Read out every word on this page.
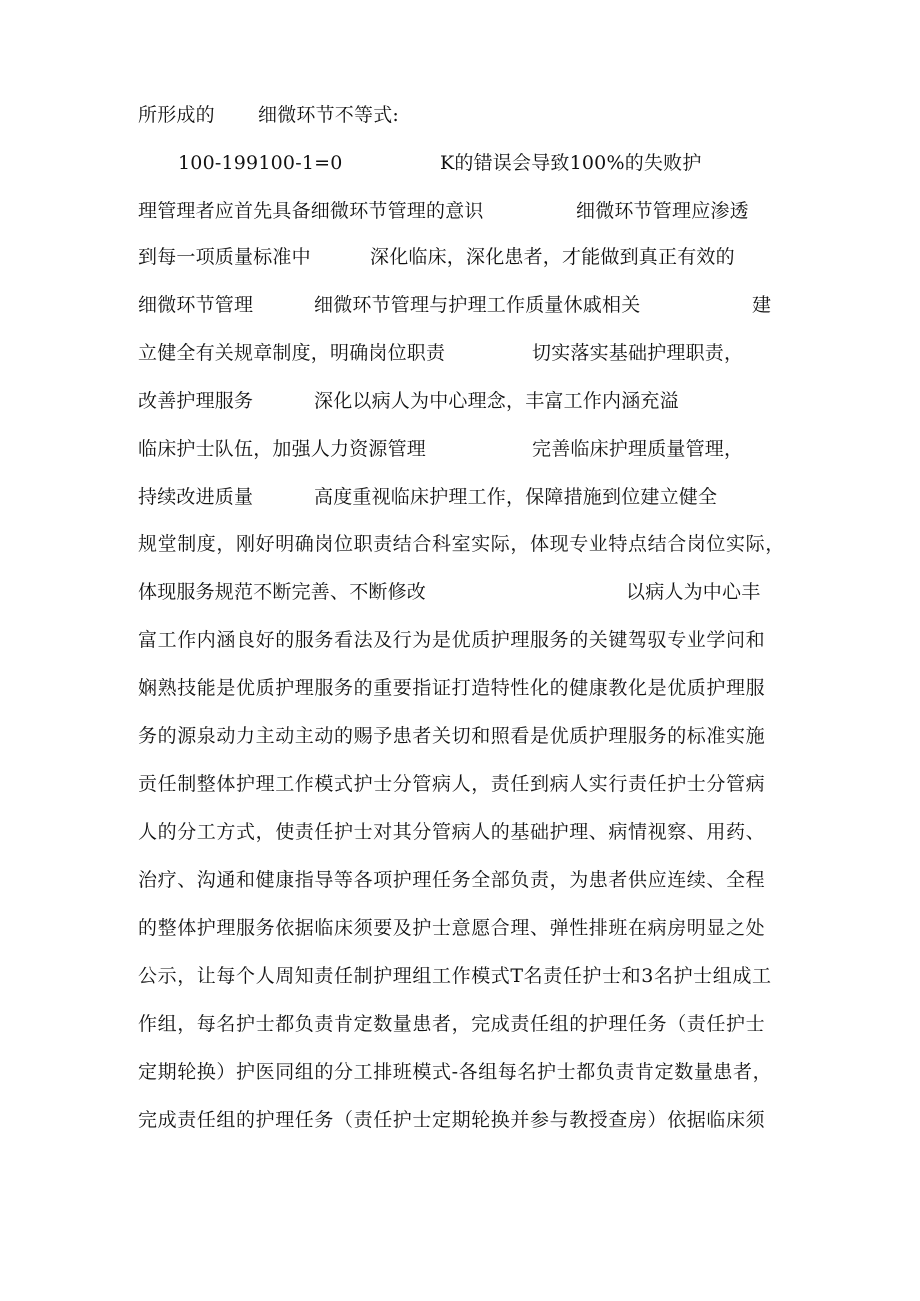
所形成的 细微环节不等式:
100-199100-1=0	K的错误会导致100%的失败护
理管理者应首先具备细微环节管理的意识	细微环节管理应渗透
到每一项质量标准中	深化临床，深化患者，才能做到真正有效的
细微环节管理	细微环节管理与护理工作质量休戚相关	建
立健全有关规章制度，明确岗位职责	切实落实基础护理职责，
改善护理服务	深化以病人为中心理念，丰富工作内涵充溢
临床护士队伍，加强人力资源管理	完善临床护理质量管理，
持续改进质量	高度重视临床护理工作，保障措施到位建立健全
规堂制度，刚好明确岗位职责结合科室实际，体现专业特点结合岗位实际，
体现服务规范不断完善、不断修改	以病人为中心丰
富工作内涵良好的服务看法及行为是优质护理服务的关键驾驭专业学问和
娴熟技能是优质护理服务的重要指证打造特性化的健康教化是优质护理服
务的源泉动力主动主动的赐予患者关切和照看是优质护理服务的标准实施
贡任制整体护理工作模式护士分管病人，责任到病人实行责任护士分管病
人的分工方式，使责任护士对其分管病人的基础护理、病情视察、用药、
治疗、沟通和健康指导等各项护理任务全部负责，为患者供应连续、全程
的整体护理服务依据临床须要及护士意愿合理、弹性排班在病房明显之处
公示，让每个人周知责任制护理组工作模式T名责任护士和3名护士组成工
作组，每名护士都负责肯定数量患者，完成责任组的护理任务（责任护士
定期轮换）护医同组的分工排班模式-各组每名护士都负责肯定数量患者，
完成责任组的护理任务（责任护士定期轮换并参与教授查房）依据临床须
